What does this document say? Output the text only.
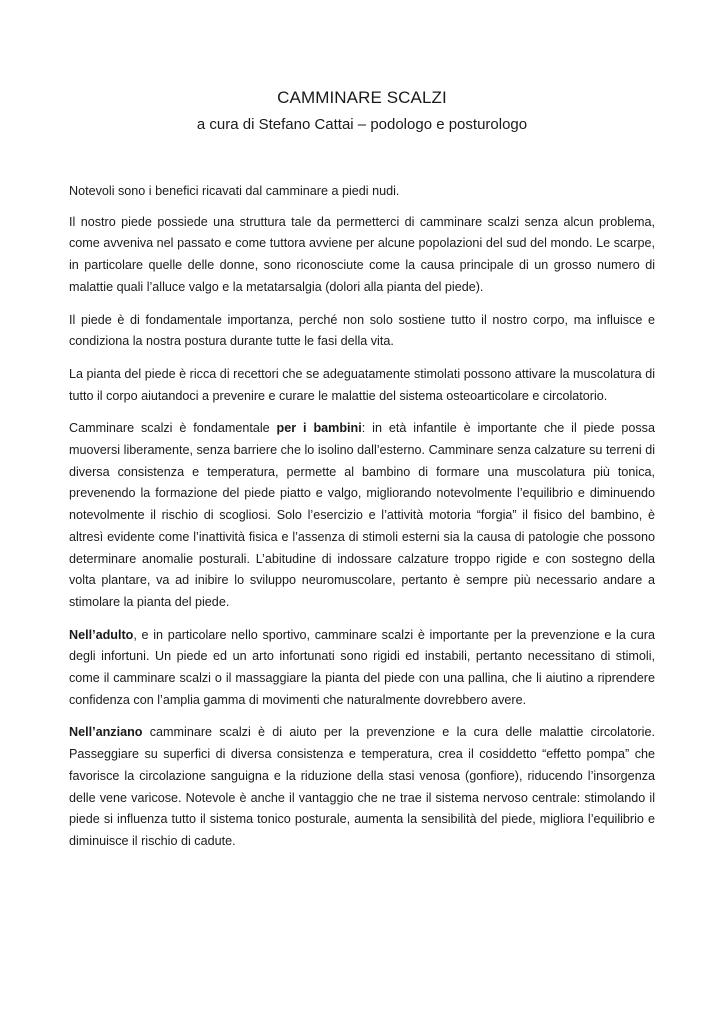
CAMMINARE SCALZI
a cura di Stefano Cattai – podologo e posturologo

Notevoli sono i benefici ricavati dal camminare a piedi nudi.

Il nostro piede possiede una struttura tale da permetterci di camminare scalzi senza alcun problema, come avveniva nel passato e come tuttora avviene per alcune popolazioni del sud del mondo. Le scarpe, in particolare quelle delle donne, sono riconosciute come la causa principale di un grosso numero di malattie quali l’alluce valgo e la metatarsalgia (dolori alla pianta del piede).

Il piede è di fondamentale importanza, perché non solo sostiene tutto il nostro corpo, ma influisce e condiziona la nostra postura durante tutte le fasi della vita.

La pianta del piede è ricca di recettori che se adeguatamente stimolati possono attivare la muscolatura di tutto il corpo aiutandoci a prevenire e curare le malattie del sistema osteoarticolare e circolatorio.

Camminare scalzi è fondamentale per i bambini: in età infantile è importante che il piede possa muoversi liberamente, senza barriere che lo isolino dall’esterno. Camminare senza calzature su terreni di diversa consistenza e temperatura, permette al bambino di formare una muscolatura più tonica, prevenendo la formazione del piede piatto e valgo, migliorando notevolmente l’equilibrio e diminuendo notevolmente il rischio di scogliosi. Solo l’esercizio e l’attività motoria “forgia” il fisico del bambino, è altresì evidente come l’inattività fisica e l’assenza di stimoli esterni sia la causa di patologie che possono determinare anomalie posturali. L’abitudine di indossare calzature troppo rigide e con sostegno della volta plantare, va ad inibire lo sviluppo neuromuscolare, pertanto è sempre più necessario andare a stimolare la pianta del piede.

Nell’adulto, e in particolare nello sportivo, camminare scalzi è importante per la prevenzione e la cura degli infortuni. Un piede ed un arto infortunati sono rigidi ed instabili, pertanto necessitano di stimoli, come il camminare scalzi o il massaggiare la pianta del piede con una pallina, che li aiutino a riprendere confidenza con l’amplia gamma di movimenti che naturalmente dovrebbero avere.

Nell’anziano camminare scalzi è di aiuto per la prevenzione e la cura delle malattie circolatorie. Passeggiare su superfici di diversa consistenza e temperatura, crea il cosiddetto “effetto pompa” che favorisce la circolazione sanguigna e la riduzione della stasi venosa (gonfiore), riducendo l’insorgenza delle vene varicose. Notevole è anche il vantaggio che ne trae il sistema nervoso centrale: stimolando il piede si influenza tutto il sistema tonico posturale, aumenta la sensibilità del piede, migliora l’equilibrio e diminuisce il rischio di cadute.
